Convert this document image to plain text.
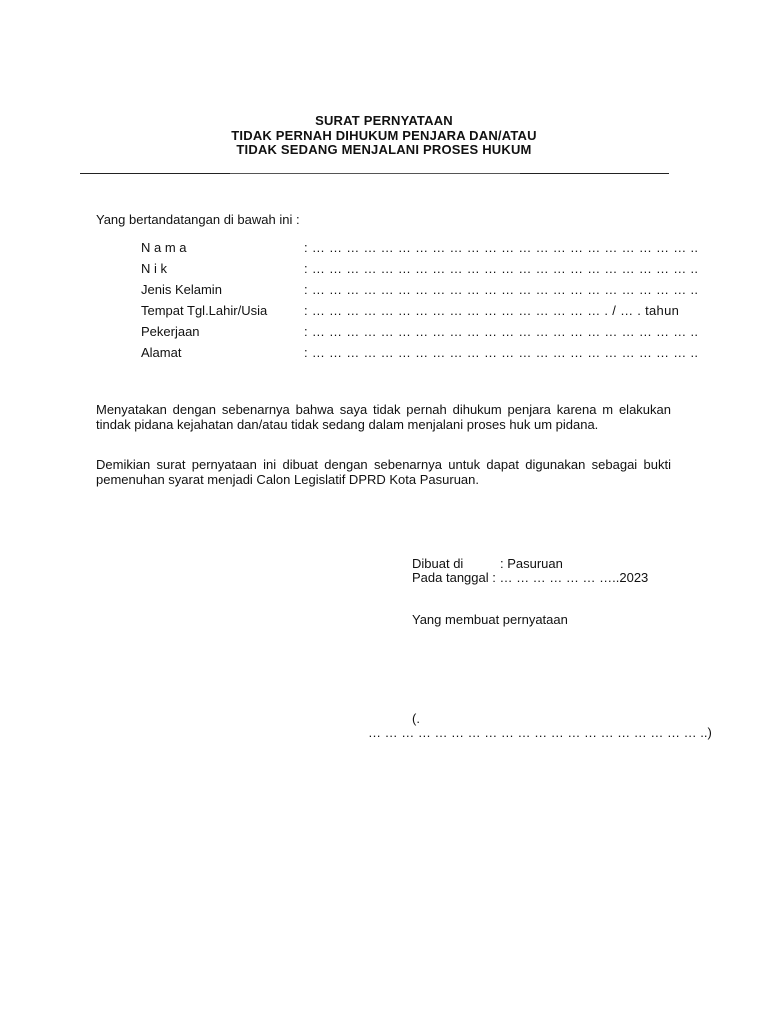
SURAT PERNYATAAN
TIDAK PERNAH DIHUKUM PENJARA DAN/ATAU
TIDAK SEDANG MENJALANI PROSES HUKUM
Yang bertandatangan di bawah ini :
N a m a	: … … … … … … … … … … … … … … … … … … … … … … ..
N i k	: … … … … … … … … … … … … … … … … … … … … … … ..
Jenis Kelamin	: … … … … … … … … … … … … … … … … … … … … … … ..
Tempat Tgl.Lahir/Usia	: … … … … … … … … … … … … … … … … … . / … . tahun
Pekerjaan	: … … … … … … … … … … … … … … … … … … … … … … ..
Alamat	: … … … … … … … … … … … … … … … … … … … … … … ..
Menyatakan dengan sebenarnya bahwa saya tidak pernah dihukum penjara karena m elakukan tindak pidana kejahatan dan/atau tidak sedang dalam menjalani proses huk um pidana.
Demikian surat pernyataan ini dibuat dengan sebenarnya untuk dapat digunakan sebagai bukti pemenuhan syarat menjadi Calon Legislatif DPRD Kota Pasuruan.
Dibuat di	: Pasuruan
Pada tanggal : … … … … … … …..2023
Yang membuat pernyataan
(.
… … … … … … … … … … … … … … … … … … … … ..)
